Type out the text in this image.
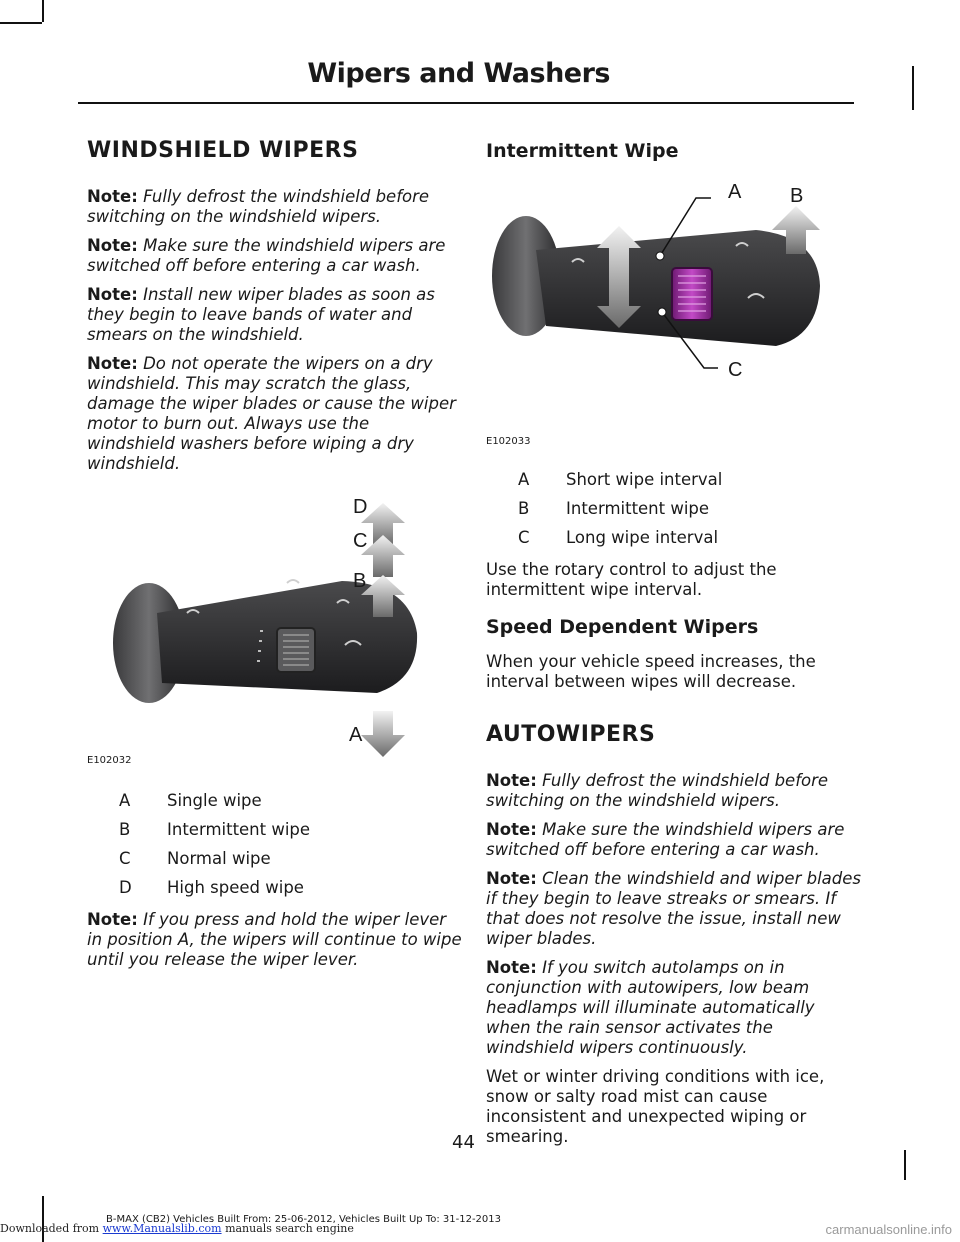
Wipers and Washers
WINDSHIELD WIPERS

Note: Fully defrost the windshield before switching on the windshield wipers.

Note: Make sure the windshield wipers are switched off before entering a car wash.

Note: Install new wiper blades as soon as they begin to leave bands of water and smears on the windshield.

Note: Do not operate the wipers on a dry windshield. This may scratch the glass, damage the wiper blades or cause the wiper motor to burn out. Always use the windshield washers before wiping a dry windshield.

D
C
B
A
E102032
A	Single wipe
B	Intermittent wipe
C	Normal wipe
D	High speed wipe

Note: If you press and hold the wiper lever in position A, the wipers will continue to wipe until you release the wiper lever.

Intermittent Wipe
A B
C
E102033
A	Short wipe interval
B	Intermittent wipe
C	Long wipe interval

Use the rotary control to adjust the intermittent wipe interval.

Speed Dependent Wipers

When your vehicle speed increases, the interval between wipes will decrease.

AUTOWIPERS

Note: Fully defrost the windshield before switching on the windshield wipers.

Note: Make sure the windshield wipers are switched off before entering a car wash.

Note: Clean the windshield and wiper blades if they begin to leave streaks or smears. If that does not resolve the issue, install new wiper blades.

Note: If you switch autolamps on in conjunction with autowipers, low beam headlamps will illuminate automatically when the rain sensor activates the windshield wipers continuously.

Wet or winter driving conditions with ice, snow or salty road mist can cause inconsistent and unexpected wiping or smearing.

44
B-MAX (CB2) Vehicles Built From: 25-06-2012, Vehicles Built Up To: 31-12-2013
Downloaded from www.Manualslib.com manuals search engine	carmanualsonline.info
